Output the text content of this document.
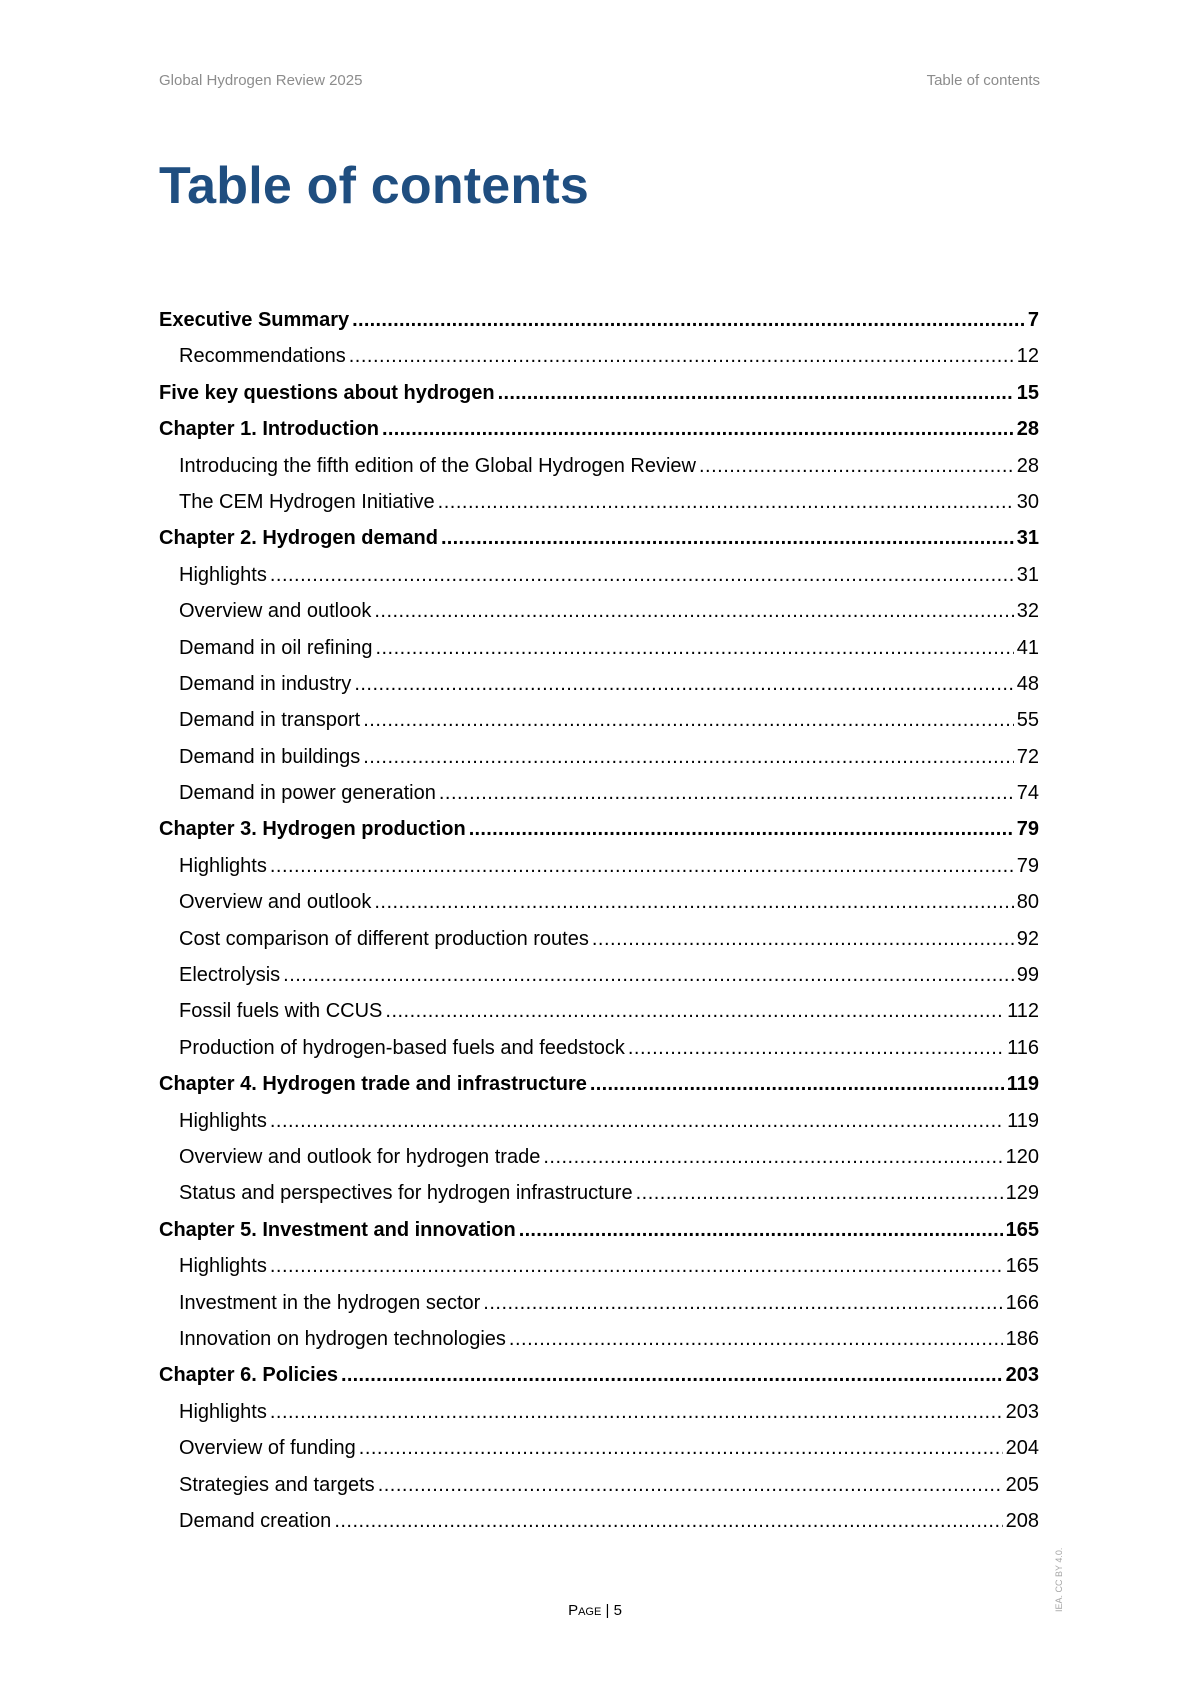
Global Hydrogen Review 2025	Table of contents
Table of contents
Executive Summary .....	7
Recommendations .....	12
Five key questions about hydrogen .....	15
Chapter 1. Introduction .....	28
Introducing the fifth edition of the Global Hydrogen Review .....	28
The CEM Hydrogen Initiative .....	30
Chapter 2. Hydrogen demand .....	31
Highlights .....	31
Overview and outlook .....	32
Demand in oil refining .....	41
Demand in industry .....	48
Demand in transport .....	55
Demand in buildings .....	72
Demand in power generation .....	74
Chapter 3. Hydrogen production .....	79
Highlights .....	79
Overview and outlook .....	80
Cost comparison of different production routes .....	92
Electrolysis .....	99
Fossil fuels with CCUS .....	112
Production of hydrogen-based fuels and feedstock .....	116
Chapter 4. Hydrogen trade and infrastructure .....	119
Highlights .....	119
Overview and outlook for hydrogen trade .....	120
Status and perspectives for hydrogen infrastructure .....	129
Chapter 5. Investment and innovation .....	165
Highlights .....	165
Investment in the hydrogen sector .....	166
Innovation on hydrogen technologies .....	186
Chapter 6. Policies .....	203
Highlights .....	203
Overview of funding .....	204
Strategies and targets .....	205
Demand creation .....	208
Page | 5	IEA. CC BY 4.0.
